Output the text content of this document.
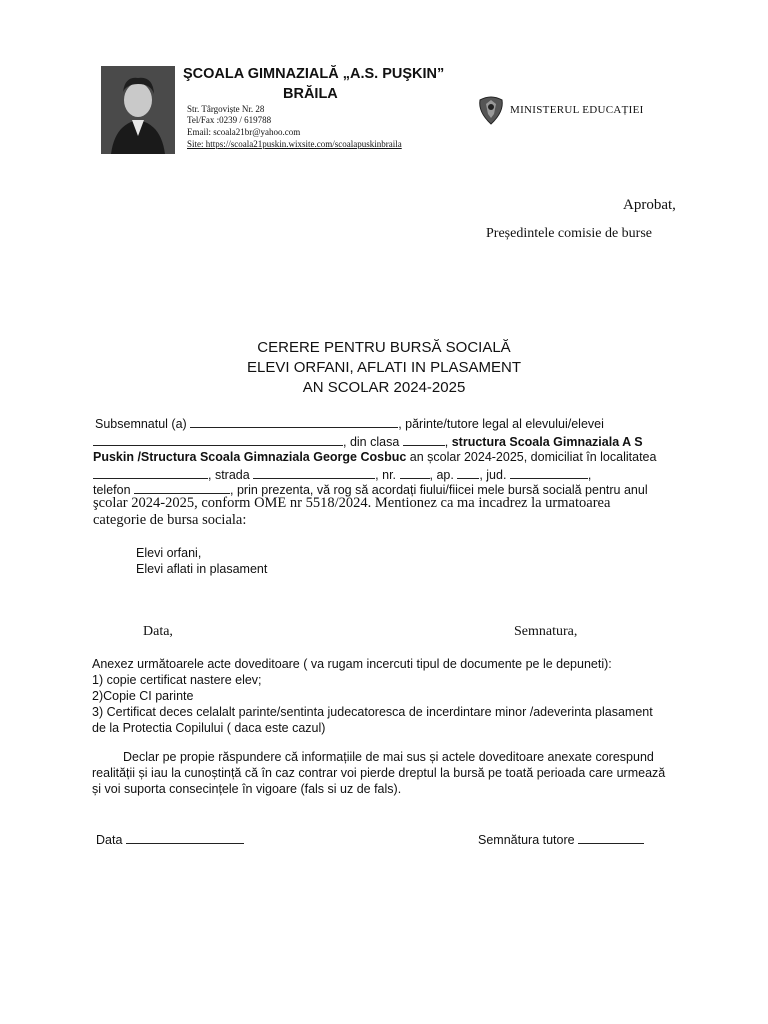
ŞCOALA GIMNAZIALĂ „A.S. PUŞKIN”
BRĂILA
Str. Târgoviște Nr. 28
Tel/Fax :0239 / 619788
Email: scoala21br@yahoo.com
Site: https://scoala21puskin.wixsite.com/scoalapuskinbraila
MINISTERUL EDUCAȚIEI
Aprobat,
Președintele comisie de burse
CERERE PENTRU BURSĂ SOCIALĂ
ELEVI ORFANI, AFLATI IN PLASAMENT
AN SCOLAR 2024-2025
Subsemnatul (a)	, părinte/tutore legal al elevului/elevei
, din clasa	, structura Scoala Gimnaziala A S
Puskin /Structura Scoala Gimnaziala George Cosbuc an școlar 2024-2025, domiciliat în localitatea
, strada	, nr.	, ap. , jud.	,
telefon	, prin prezenta, vă rog să acordați fiului/fiicei mele bursă socială pentru anul
şcolar 2024-2025, conform OME nr 5518/2024. Mentionez ca ma incadrez la urmatoarea
categorie de bursa sociala:
Elevi orfani,
Elevi aflati in plasament
Data,	Semnatura,
Anexez următoarele acte doveditoare ( va rugam incercuti tipul de documente pe le depuneti):
1) copie certificat nastere elev;
2)Copie CI parinte
3) Certificat deces celalalt parinte/sentinta judecatoresca de incerdintare minor /adeverinta plasament
de la Protectia Copilului ( daca este cazul)
Declar pe propie răspundere că informațiile de mai sus și actele doveditoare anexate corespund
realității și iau la cunoștință că în caz contrar voi pierde dreptul la bursă pe toată perioada care urmează
și voi suporta consecințele în vigoare (fals si uz de fals).
Data	Semnătura tutore
